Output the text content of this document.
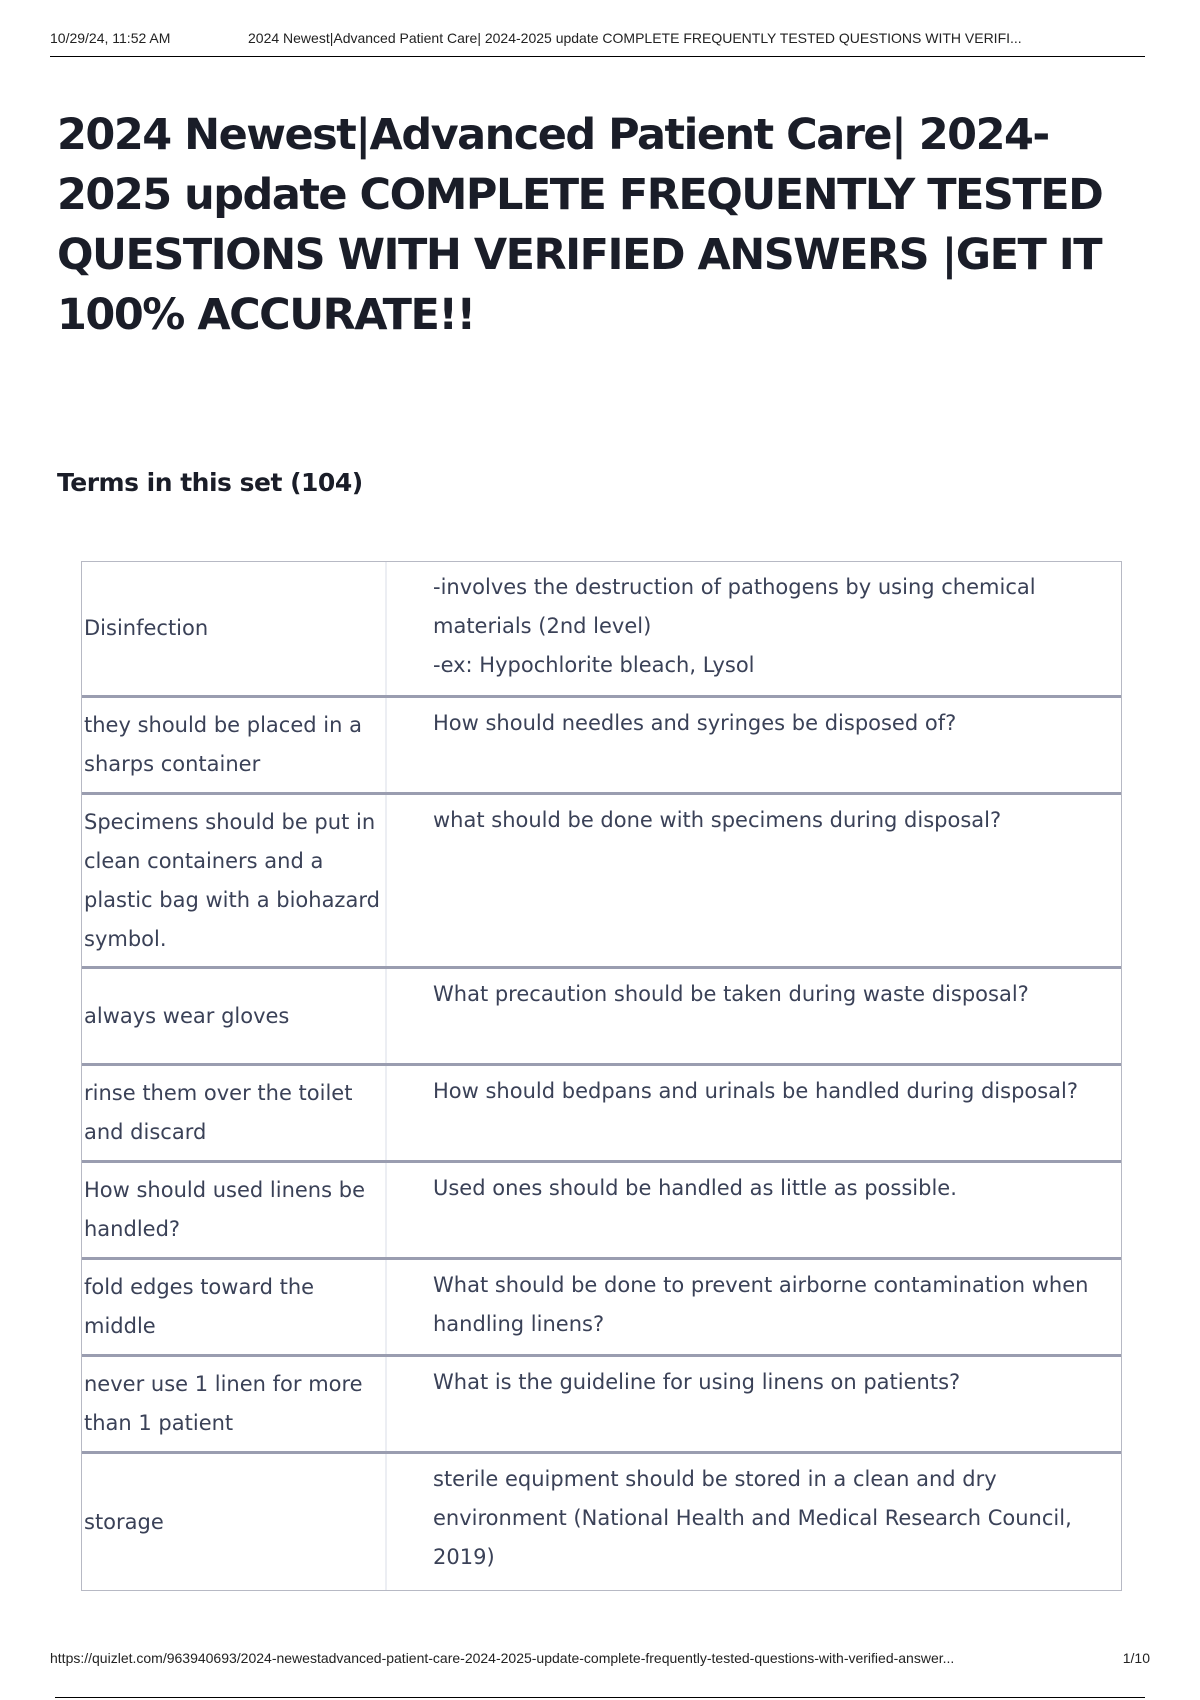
10/29/24, 11:52 AM	2024 Newest|Advanced Patient Care| 2024-2025 update COMPLETE FREQUENTLY TESTED QUESTIONS WITH VERIFI...
2024 Newest|Advanced Patient Care| 2024-2025 update COMPLETE FREQUENTLY TESTED QUESTIONS WITH VERIFIED ANSWERS |GET IT 100% ACCURATE!!
Terms in this set (104)
Disinfection
-involves the destruction of pathogens by using chemical materials (2nd level)
-ex: Hypochlorite bleach, Lysol
they should be placed in a sharps container
How should needles and syringes be disposed of?
Specimens should be put in clean containers and a plastic bag with a biohazard symbol.
what should be done with specimens during disposal?
always wear gloves
What precaution should be taken during waste disposal?
rinse them over the toilet and discard
How should bedpans and urinals be handled during disposal?
How should used linens be handled?
Used ones should be handled as little as possible.
fold edges toward the middle
What should be done to prevent airborne contamination when handling linens?
never use 1 linen for more than 1 patient
What is the guideline for using linens on patients?
storage
sterile equipment should be stored in a clean and dry environment (National Health and Medical Research Council, 2019)
https://quizlet.com/963940693/2024-newestadvanced-patient-care-2024-2025-update-complete-frequently-tested-questions-with-verified-answer...	1/10
